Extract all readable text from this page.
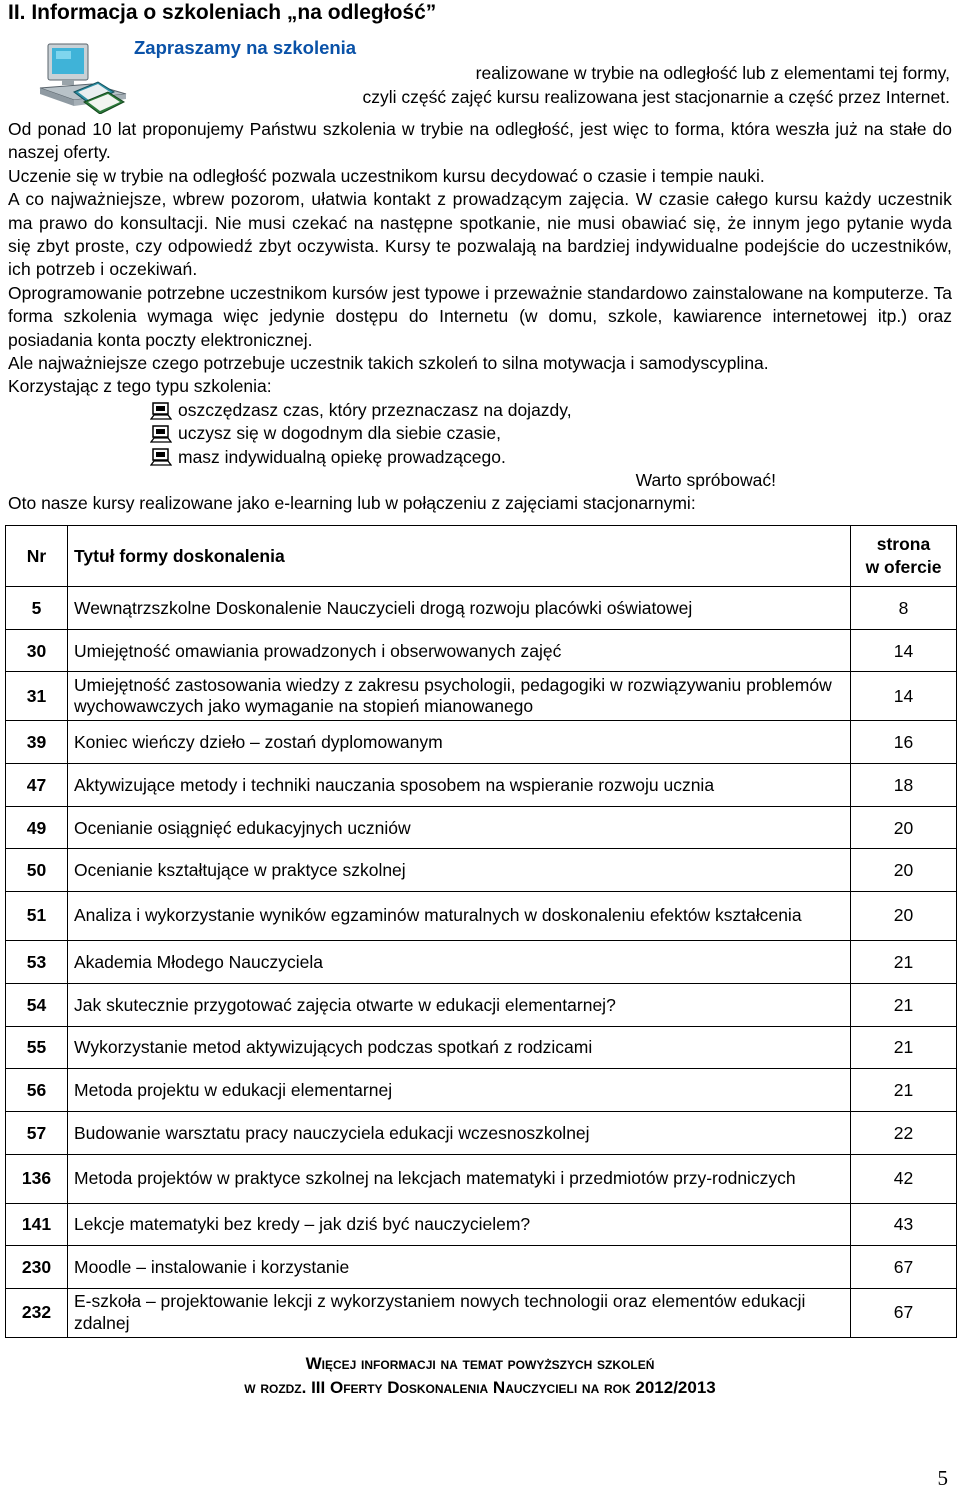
II. Informacja o szkoleniach „na odległość”
Zapraszamy na szkolenia
realizowane w trybie na odległość lub z elementami tej formy,
czyli część zajęć kursu realizowana jest stacjonarnie a część przez Internet.

Od ponad 10 lat proponujemy Państwu szkolenia w trybie na odległość, jest więc to forma, która weszła już na stałe do naszej oferty.

Uczenie się w trybie na odległość pozwala uczestnikom kursu decydować o czasie i tempie nauki.

A co najważniejsze, wbrew pozorom, ułatwia kontakt z prowadzącym zajęcia. W czasie całego kursu każdy uczestnik ma prawo do konsultacji. Nie musi czekać na następne spotkanie, nie musi obawiać się, że innym jego pytanie wyda się zbyt proste, czy odpowiedź zbyt oczywista. Kursy te pozwalają na bardziej indywidualne podejście do uczestników, ich potrzeb i oczekiwań.

Oprogramowanie potrzebne uczestnikom kursów jest typowe i przeważnie standardowo zainstalowane na komputerze. Ta forma szkolenia wymaga więc jedynie dostępu do Internetu (w domu, szkole, kawiarence internetowej itp.) oraz posiadania konta poczty elektronicznej.

Ale najważniejsze czego potrzebuje uczestnik takich szkoleń to silna motywacja i samodyscyplina.

Korzystając z tego typu szkolenia:

oszczędzasz czas, który przeznaczasz na dojazdy,
uczysz się w dogodnym dla siebie czasie,
masz indywidualną opiekę prowadzącego.

Warto spróbować!

Oto nasze kursy realizowane jako e-learning lub w połączeniu z zajęciami stacjonarnymi:

Nr	Tytuł formy doskonalenia	strona
w ofercie
5	Wewnątrzszkolne Doskonalenie Nauczycieli drogą rozwoju placówki oświatowej	8
30	Umiejętność omawiania prowadzonych i obserwowanych zajęć	14
31	Umiejętność zastosowania wiedzy z zakresu psychologii, pedagogiki w rozwiązywaniu problemów wychowawczych jako wymaganie na stopień mianowanego	14
39	Koniec wieńczy dzieło – zostań dyplomowanym	16
47	Aktywizujące metody i techniki nauczania sposobem na wspieranie rozwoju ucznia	18
49	Ocenianie osiągnięć edukacyjnych uczniów	20
50	Ocenianie kształtujące w praktyce szkolnej	20
51	Analiza i wykorzystanie wyników egzaminów maturalnych w doskonaleniu efektów kształcenia	20
53	Akademia Młodego Nauczyciela	21
54	Jak skutecznie przygotować zajęcia otwarte w edukacji elementarnej?	21
55	Wykorzystanie metod aktywizujących podczas spotkań z rodzicami	21
56	Metoda projektu w edukacji elementarnej	21
57	Budowanie warsztatu pracy nauczyciela edukacji wczesnoszkolnej	22
136	Metoda projektów w praktyce szkolnej na lekcjach matematyki i przedmiotów przy-rodniczych	42
141	Lekcje matematyki bez kredy – jak dziś być nauczycielem?	43
230	Moodle – instalowanie i korzystanie	67
232	E-szkoła – projektowanie lekcji z wykorzystaniem nowych technologii oraz elementów edukacji zdalnej	67
Więcej informacji na temat powyższych szkoleń
w rozdz. III Oferty Doskonalenia Nauczycieli na rok 2012/2013
5
